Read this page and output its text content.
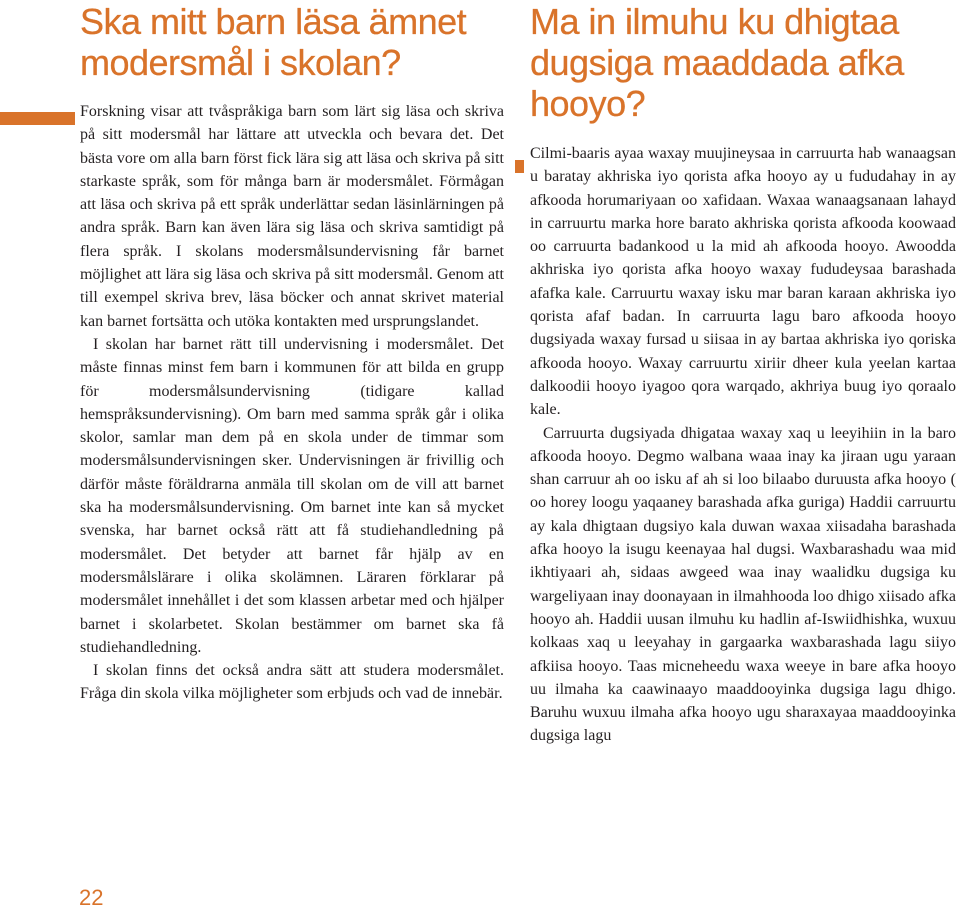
Ska mitt barn läsa ämnet modersmål i skolan?

Forskning visar att tvåspråkiga barn som lärt sig läsa och skriva på sitt modersmål har lättare att utveckla och bevara det. Det bästa vore om alla barn först fick lära sig att läsa och skriva på sitt starkaste språk, som för många barn är modersmålet. Förmågan att läsa och skriva på ett språk underlättar sedan läsinlärningen på andra språk. Barn kan även lära sig läsa och skriva samtidigt på flera språk. I skolans modersmålsundervisning får barnet möjlighet att lära sig läsa och skriva på sitt modersmål. Genom att till exempel skriva brev, läsa böcker och annat skrivet material kan barnet fortsätta och utöka kontakten med ursprungslandet.

I skolan har barnet rätt till undervisning i modersmålet. Det måste finnas minst fem barn i kommunen för att bilda en grupp för modersmålsundervisning (tidigare kallad hemspråksundervisning). Om barn med samma språk går i olika skolor, samlar man dem på en skola under de timmar som modersmålsundervisningen sker. Undervisningen är frivillig och därför måste föräldrarna anmäla till skolan om de vill att barnet ska ha modersmålsundervisning. Om barnet inte kan så mycket svenska, har barnet också rätt att få studiehandledning på modersmålet. Det betyder att barnet får hjälp av en modersmålslärare i olika skolämnen. Läraren förklarar på modersmålet innehållet i det som klassen arbetar med och hjälper barnet i skolarbetet. Skolan bestämmer om barnet ska få studiehandledning.

I skolan finns det också andra sätt att studera modersmålet. Fråga din skola vilka möjligheter som erbjuds och vad de innebär.

Ma in ilmuhu ku dhigtaa dugsiga maaddada afka hooyo?

Cilmi-baaris ayaa waxay muujineysaa in carruurta hab wanaagsan u baratay akhriska iyo qorista afka hooyo ay u fududahay in ay afkooda horumariyaan oo xafidaan. Waxaa wanaagsanaan lahayd in carruurtu marka hore barato akhriska qorista afkooda koowaad oo carruurta badankood u la mid ah afkooda hooyo. Awoodda akhriska iyo qorista afka hooyo waxay fududeysaa barashada afafka kale. Carruurtu waxay isku mar baran karaan akhriska iyo qorista afaf badan. In carruurta lagu baro afkooda hooyo dugsiyada waxay fursad u siisaa in ay bartaa akhriska iyo qoriska afkooda hooyo. Waxay carruurtu xiriir dheer kula yeelan kartaa dalkoodii hooyo iyagoo qora warqado, akhriya buug iyo qoraalo kale.

Carruurta dugsiyada dhigataa waxay xaq u leeyihiin in la baro afkooda hooyo. Degmo walbana waaa inay ka jiraan ugu yaraan shan carruur ah oo isku af ah si loo bilaabo duruusta afka hooyo ( oo horey loogu yaqaaney barashada afka guriga) Haddii carruurtu ay kala dhigtaan dugsiyo kala duwan waxaa xiisadaha barashada afka hooyo la isugu keenayaa hal dugsi. Waxbarashadu waa mid ikhtiyaari ah, sidaas awgeed waa inay waalidku dugsiga ku wargeliyaan inay doonayaan in ilmahhooda loo dhigo xiisado afka hooyo ah. Haddii uusan ilmuhu ku hadlin af-Iswiidhishka, wuxuu kolkaas xaq u leeyahay in gargaarka waxbarashada lagu siiyo afkiisa hooyo. Taas micneheedu waxa weeye in bare afka hooyo uu ilmaha ka caawinaayo maaddooyinka dugsiga lagu dhigo. Baruhu wuxuu ilmaha afka hooyo ugu sharaxayaa maaddooyinka dugsiga lagu

22
